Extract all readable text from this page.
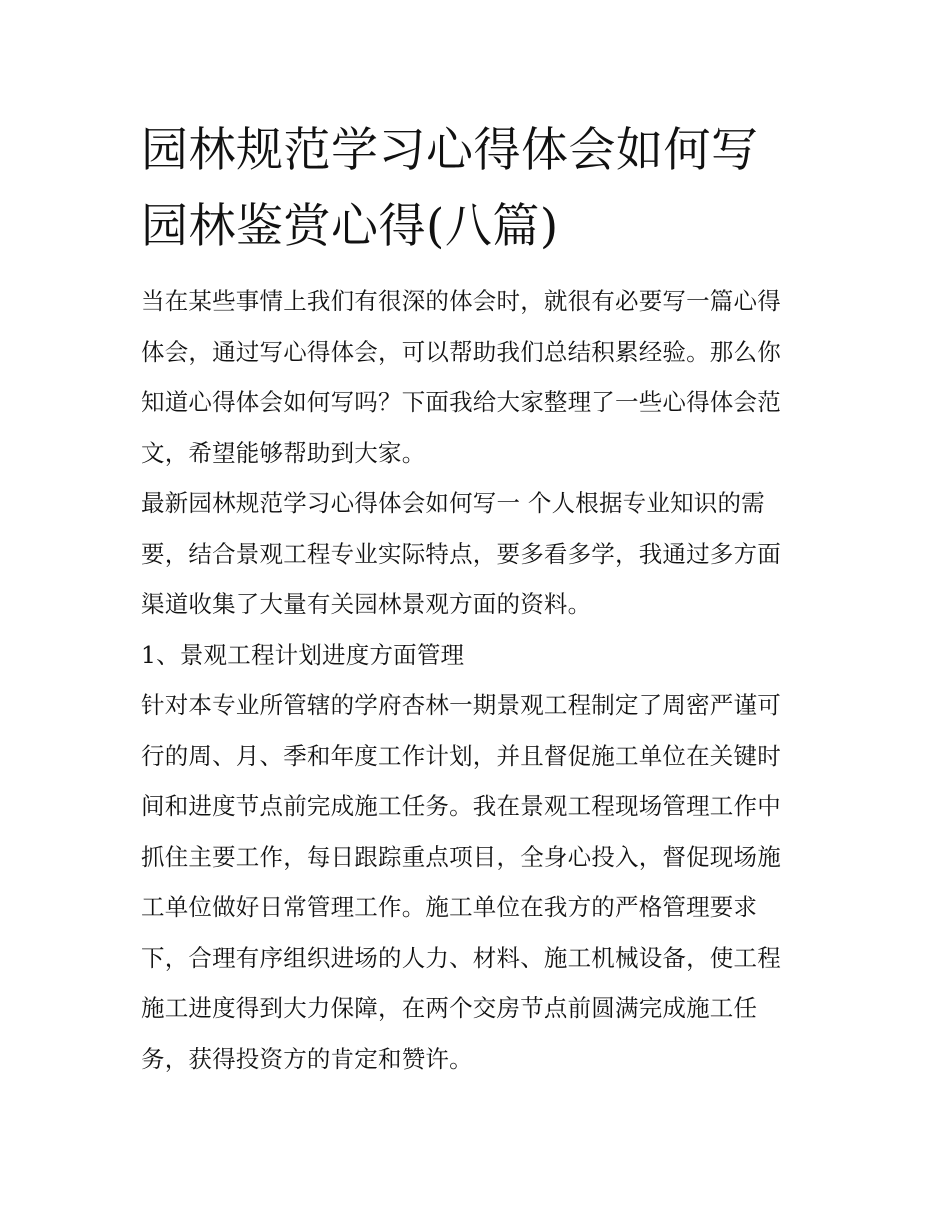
园林规范学习心得体会如何写
园林鉴赏心得(八篇)

当在某些事情上我们有很深的体会时，就很有必要写一篇心得
体会，通过写心得体会，可以帮助我们总结积累经验。那么你
知道心得体会如何写吗？下面我给大家整理了一些心得体会范
文，希望能够帮助到大家。

最新园林规范学习心得体会如何写一 个人根据专业知识的需
要，结合景观工程专业实际特点，要多看多学，我通过多方面
渠道收集了大量有关园林景观方面的资料。

1、景观工程计划进度方面管理

针对本专业所管辖的学府杏林一期景观工程制定了周密严谨可
行的周、月、季和年度工作计划，并且督促施工单位在关键时
间和进度节点前完成施工任务。我在景观工程现场管理工作中
抓住主要工作，每日跟踪重点项目，全身心投入，督促现场施
工单位做好日常管理工作。施工单位在我方的严格管理要求
下，合理有序组织进场的人力、材料、施工机械设备，使工程
施工进度得到大力保障，在两个交房节点前圆满完成施工任
务，获得投资方的肯定和赞许。
